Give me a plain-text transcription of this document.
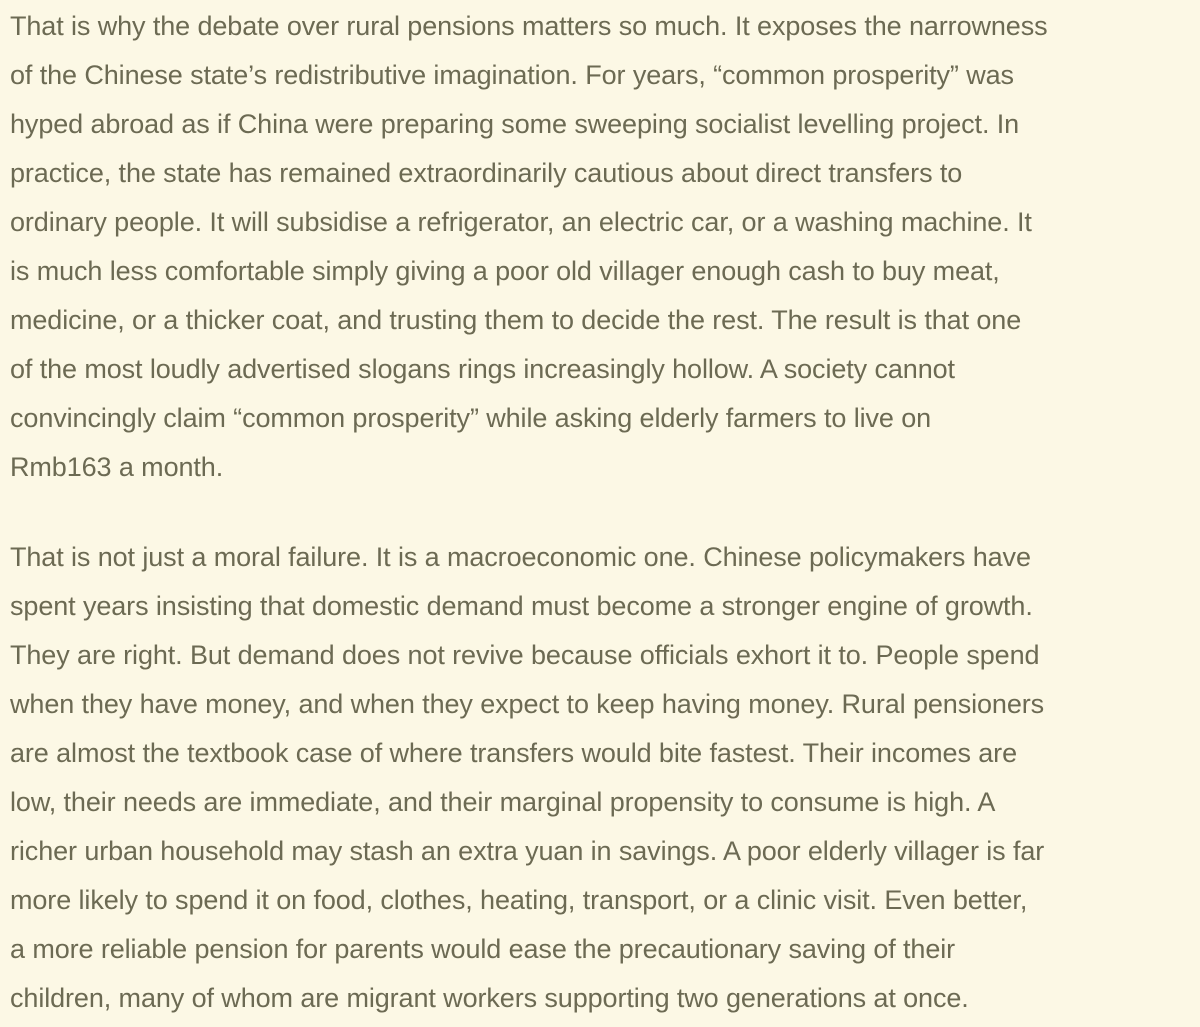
That is why the debate over rural pensions matters so much. It exposes the narrowness
of the Chinese state’s redistributive imagination. For years, “common prosperity” was
hyped abroad as if China were preparing some sweeping socialist levelling project. In
practice, the state has remained extraordinarily cautious about direct transfers to
ordinary people. It will subsidise a refrigerator, an electric car, or a washing machine. It
is much less comfortable simply giving a poor old villager enough cash to buy meat,
medicine, or a thicker coat, and trusting them to decide the rest. The result is that one
of the most loudly advertised slogans rings increasingly hollow. A society cannot
convincingly claim “common prosperity” while asking elderly farmers to live on
Rmb163 a month.

That is not just a moral failure. It is a macroeconomic one. Chinese policymakers have
spent years insisting that domestic demand must become a stronger engine of growth.
They are right. But demand does not revive because officials exhort it to. People spend
when they have money, and when they expect to keep having money. Rural pensioners
are almost the textbook case of where transfers would bite fastest. Their incomes are
low, their needs are immediate, and their marginal propensity to consume is high. A
richer urban household may stash an extra yuan in savings. A poor elderly villager is far
more likely to spend it on food, clothes, heating, transport, or a clinic visit. Even better,
a more reliable pension for parents would ease the precautionary saving of their
children, many of whom are migrant workers supporting two generations at once.
